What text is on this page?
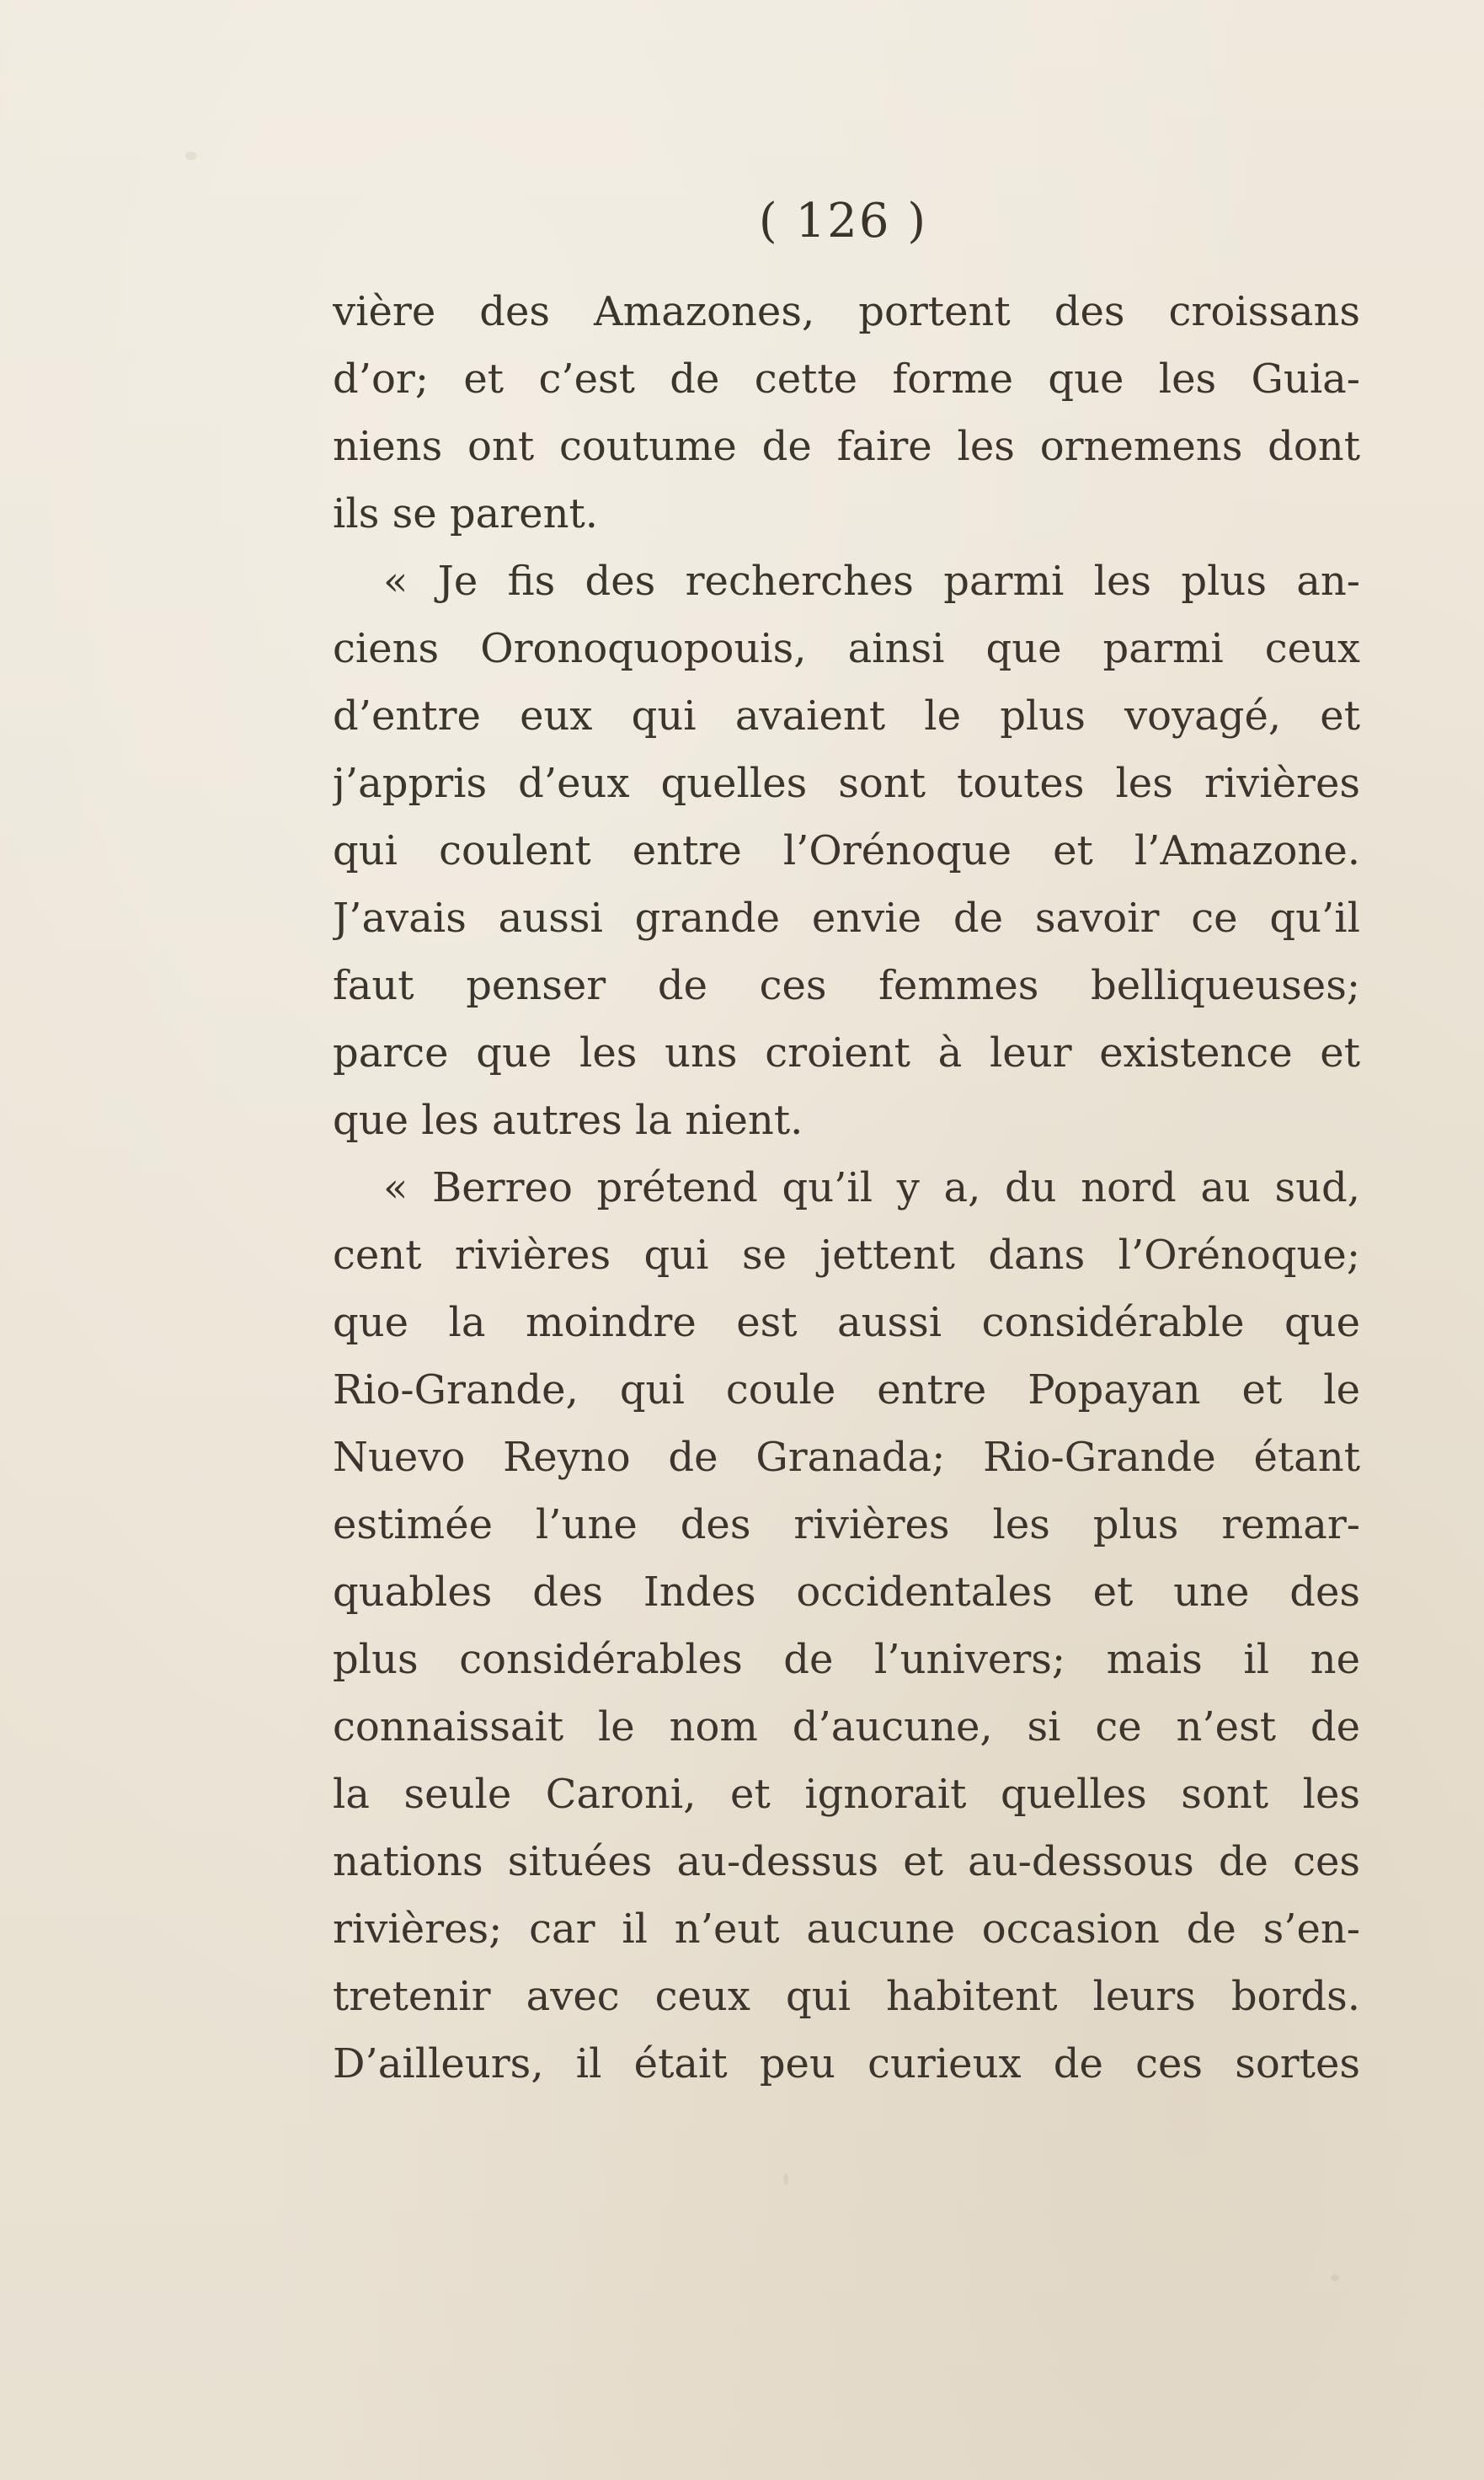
( 126 )
vière des Amazones, portent des croissans
d’or; et c’est de cette forme que les Guia-
niens ont coutume de faire les ornemens dont
ils se parent.
« Je fis des recherches parmi les plus an-
ciens Oronoquopouis, ainsi que parmi ceux
d’entre eux qui avaient le plus voyagé, et
j’appris d’eux quelles sont toutes les rivières
qui coulent entre l’Orénoque et l’Amazone.
J’avais aussi grande envie de savoir ce qu’il
faut penser de ces femmes belliqueuses;
parce que les uns croient à leur existence et
que les autres la nient.
« Berreo prétend qu’il y a, du nord au sud,
cent rivières qui se jettent dans l’Orénoque;
que la moindre est aussi considérable que
Rio-Grande, qui coule entre Popayan et le
Nuevo Reyno de Granada; Rio-Grande étant
estimée l’une des rivières les plus remar-
quables des Indes occidentales et une des
plus considérables de l’univers; mais il ne
connaissait le nom d’aucune, si ce n’est de
la seule Caroni, et ignorait quelles sont les
nations situées au-dessus et au-dessous de ces
rivières; car il n’eut aucune occasion de s’en-
tretenir avec ceux qui habitent leurs bords.
D’ailleurs, il était peu curieux de ces sortes
